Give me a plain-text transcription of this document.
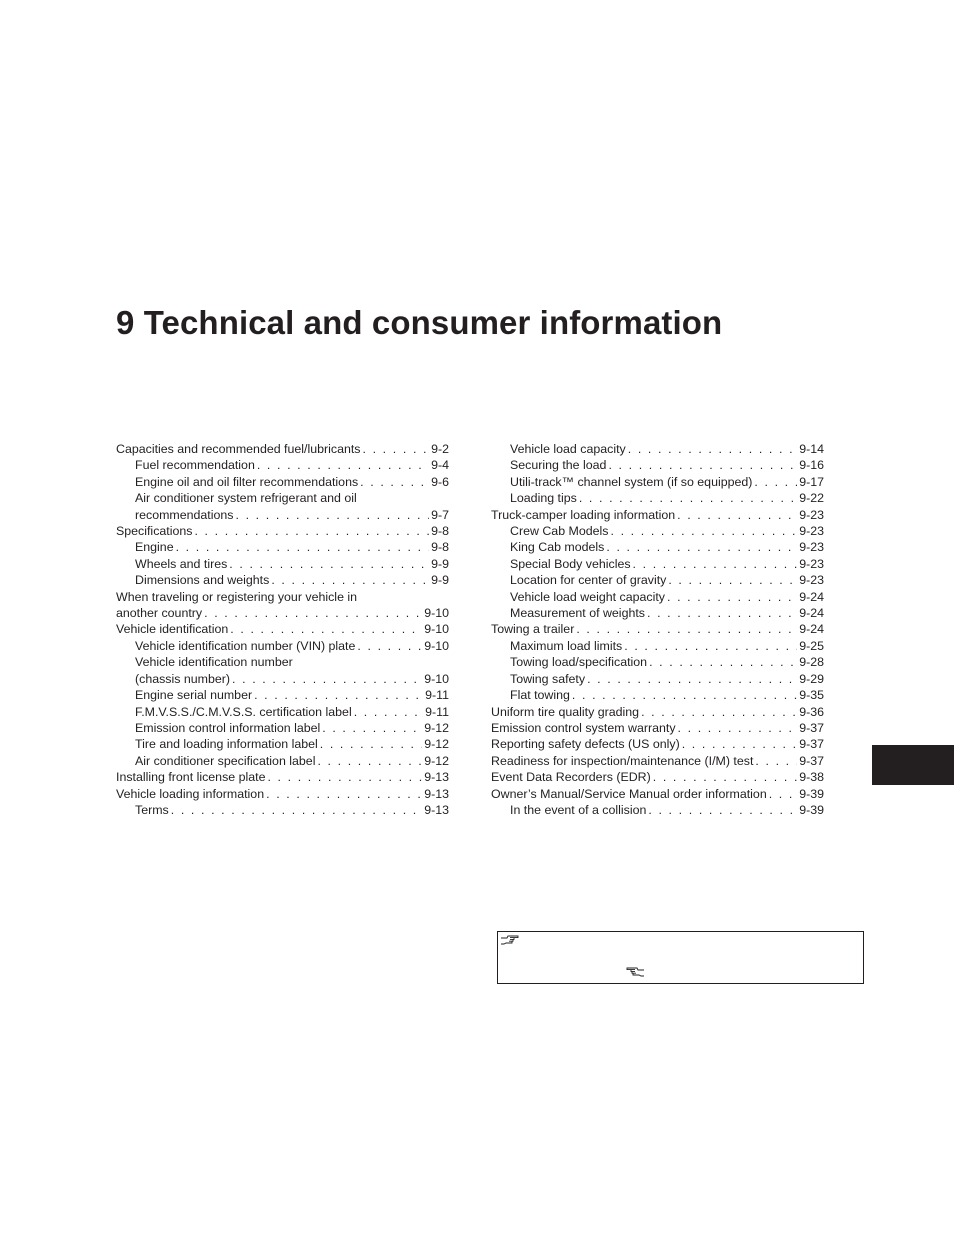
9 Technical and consumer information
Capacities and recommended fuel/lubricants . . .	9-2
Fuel recommendation . . .	9-4
Engine oil and oil filter recommendations . . .	9-6
Air conditioner system refrigerant and oil
recommendations . . .	9-7
Specifications . . .	9-8
Engine . . .	9-8
Wheels and tires . . .	9-9
Dimensions and weights . . .	9-9
When traveling or registering your vehicle in
another country . . .	9-10
Vehicle identification . . .	9-10
Vehicle identification number (VIN) plate . . .	9-10
Vehicle identification number
(chassis number) . . .	9-10
Engine serial number . . .	9-11
F.M.V.S.S./C.M.V.S.S. certification label . . .	9-11
Emission control information label . . .	9-12
Tire and loading information label . . .	9-12
Air conditioner specification label . . .	9-12
Installing front license plate . . .	9-13
Vehicle loading information . . .	9-13
Terms . . .	9-13
Vehicle load capacity . . .	9-14
Securing the load . . .	9-16
Utili-track™ channel system (if so equipped) . . .	9-17
Loading tips . . .	9-22
Truck-camper loading information . . .	9-23
Crew Cab Models . . .	9-23
King Cab models . . .	9-23
Special Body vehicles . . .	9-23
Location for center of gravity . . .	9-23
Vehicle load weight capacity . . .	9-24
Measurement of weights . . .	9-24
Towing a trailer . . .	9-24
Maximum load limits . . .	9-25
Towing load/specification . . .	9-28
Towing safety . . .	9-29
Flat towing . . .	9-35
Uniform tire quality grading . . .	9-36
Emission control system warranty . . .	9-37
Reporting safety defects (US only) . . .	9-37
Readiness for inspection/maintenance (I/M) test . . .	9-37
Event Data Recorders (EDR) . . .	9-38
Owner’s Manual/Service Manual order information . . .	9-39
In the event of a collision . . .	9-39
